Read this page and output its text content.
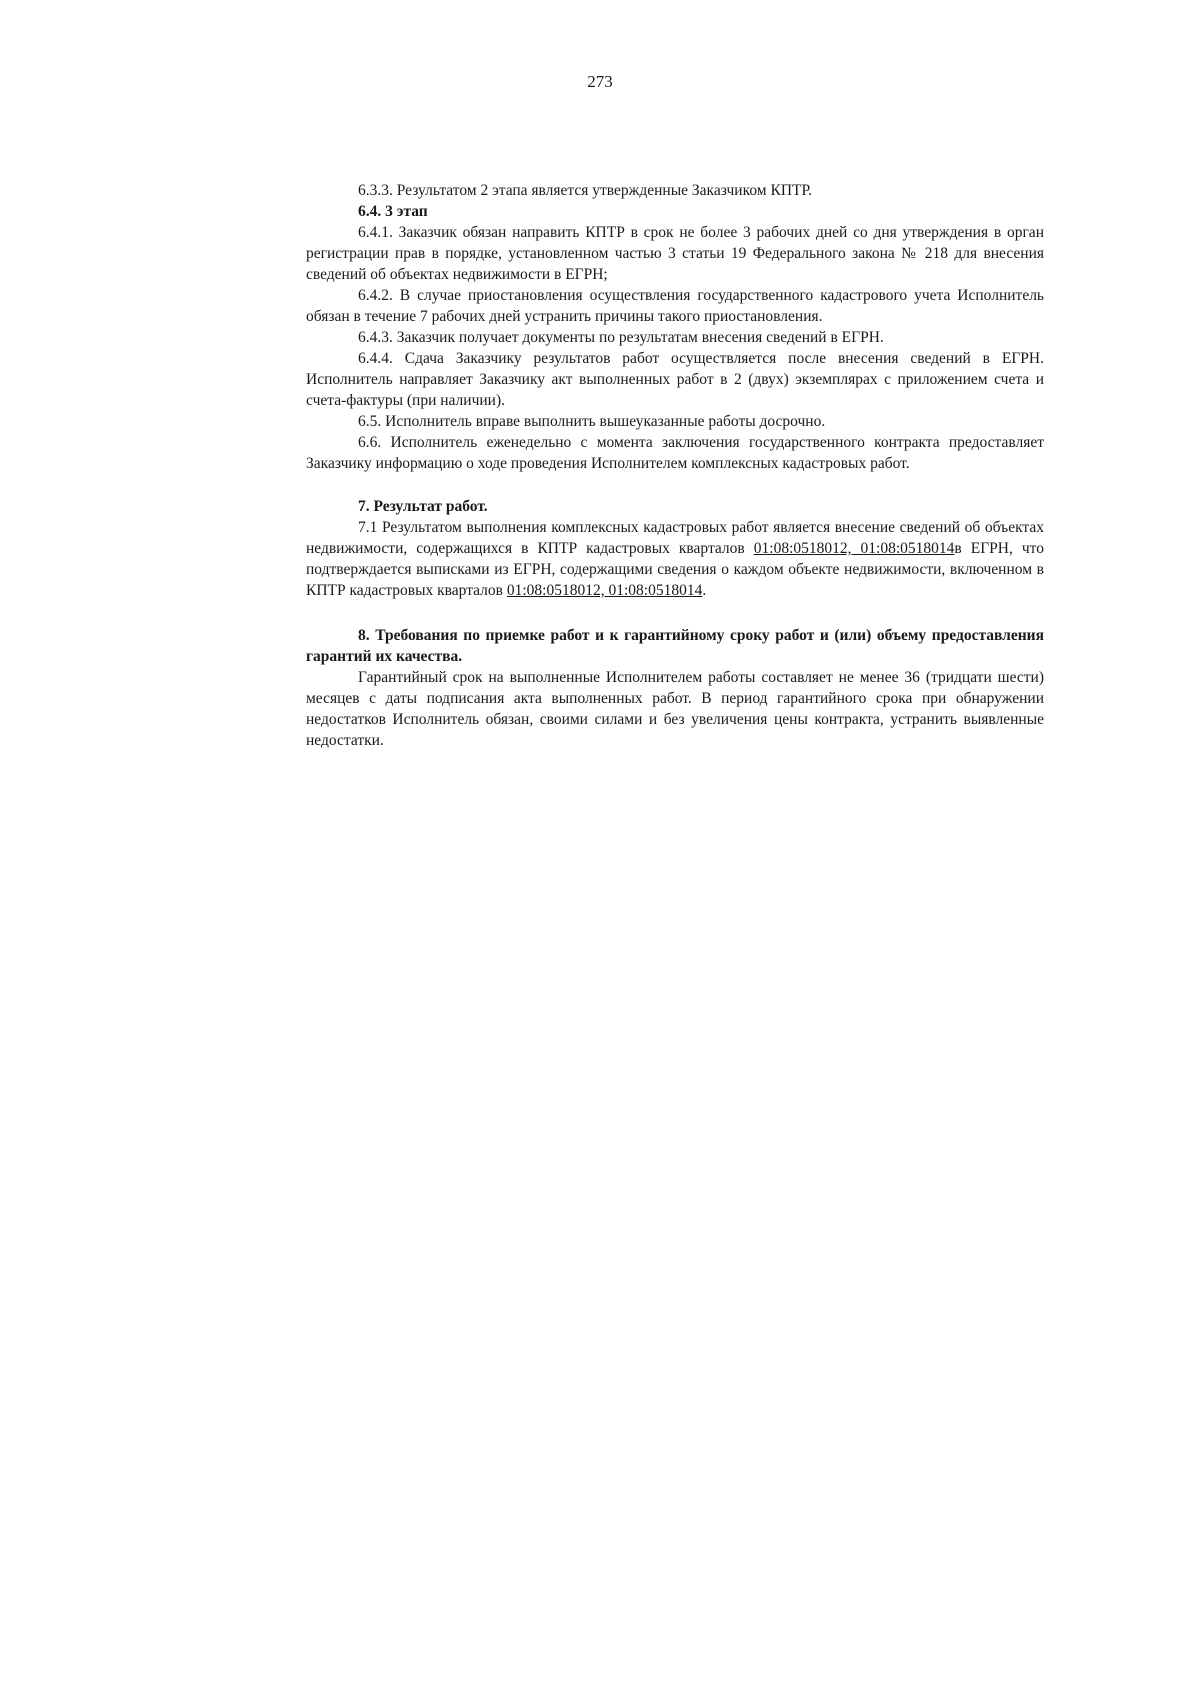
273

6.3.3. Результатом 2 этапа является утвержденные Заказчиком КПТР.

6.4. 3 этап

6.4.1. Заказчик обязан направить КПТР в срок не более 3 рабочих дней со дня утверждения в орган регистрации прав в порядке, установленном частью 3 статьи 19 Федерального закона № 218 для внесения сведений об объектах недвижимости в ЕГРН;

6.4.2. В случае приостановления осуществления государственного кадастрового учета Исполнитель обязан в течение 7 рабочих дней устранить причины такого приостановления.

6.4.3. Заказчик получает документы по результатам внесения сведений в ЕГРН.

6.4.4. Сдача Заказчику результатов работ осуществляется после внесения сведений в ЕГРН. Исполнитель направляет Заказчику акт выполненных работ в 2 (двух) экземплярах с приложением счета и счета-фактуры (при наличии).

6.5. Исполнитель вправе выполнить вышеуказанные работы досрочно.

6.6. Исполнитель еженедельно с момента заключения государственного контракта предоставляет Заказчику информацию о ходе проведения Исполнителем комплексных кадастровых работ.

7. Результат работ.

7.1 Результатом выполнения комплексных кадастровых работ является внесение сведений об объектах недвижимости, содержащихся в КПТР кадастровых кварталов 01:08:0518012, 01:08:0518014в ЕГРН, что подтверждается выписками из ЕГРН, содержащими сведения о каждом объекте недвижимости, включенном в КПТР кадастровых кварталов 01:08:0518012, 01:08:0518014.

8. Требования по приемке работ и к гарантийному сроку работ и (или) объему предоставления гарантий их качества.

Гарантийный срок на выполненные Исполнителем работы составляет не менее 36 (тридцати шести) месяцев с даты подписания акта выполненных работ. В период гарантийного срока при обнаружении недостатков Исполнитель обязан, своими силами и без увеличения цены контракта, устранить выявленные недостатки.
